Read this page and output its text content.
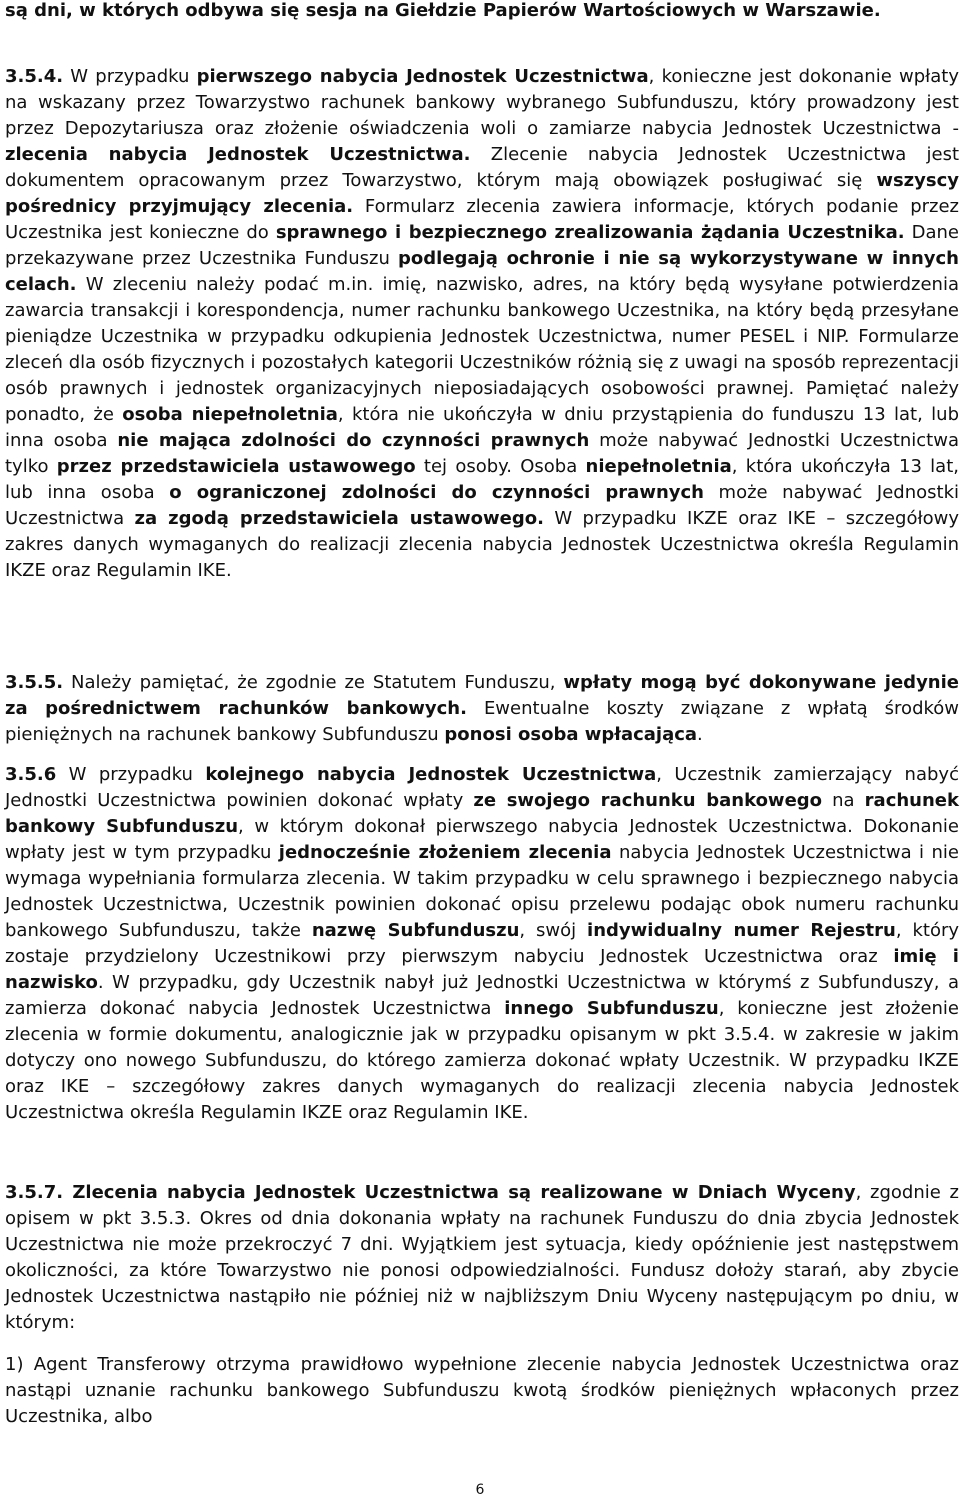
są dni, w których odbywa się sesja na Giełdzie Papierów Wartościowych w Warszawie.

3.5.4. W przypadku pierwszego nabycia Jednostek Uczestnictwa, konieczne jest dokonanie wpłaty na wskazany przez Towarzystwo rachunek bankowy wybranego Subfunduszu, który prowadzony jest przez Depozytariusza oraz złożenie oświadczenia woli o zamiarze nabycia Jednostek Uczestnictwa - zlecenia nabycia Jednostek Uczestnictwa. Zlecenie nabycia Jednostek Uczestnictwa jest dokumentem opracowanym przez Towarzystwo, którym mają obowiązek posługiwać się wszyscy pośrednicy przyjmujący zlecenia. Formularz zlecenia zawiera informacje, których podanie przez Uczestnika jest konieczne do sprawnego i bezpiecznego zrealizowania żądania Uczestnika. Dane przekazywane przez Uczestnika Funduszu podlegają ochronie i nie są wykorzystywane w innych celach. W zleceniu należy podać m.in. imię, nazwisko, adres, na który będą wysyłane potwierdzenia zawarcia transakcji i korespondencja, numer rachunku bankowego Uczestnika, na który będą przesyłane pieniądze Uczestnika w przypadku odkupienia Jednostek Uczestnictwa, numer PESEL i NIP. Formularze zleceń dla osób fizycznych i pozostałych kategorii Uczestników różnią się z uwagi na sposób reprezentacji osób prawnych i jednostek organizacyjnych nieposiadających osobowości prawnej. Pamiętać należy ponadto, że osoba niepełnoletnia, która nie ukończyła w dniu przystąpienia do funduszu 13 lat, lub inna osoba nie mająca zdolności do czynności prawnych może nabywać Jednostki Uczestnictwa tylko przez przedstawiciela ustawowego tej osoby. Osoba niepełnoletnia, która ukończyła 13 lat, lub inna osoba o ograniczonej zdolności do czynności prawnych może nabywać Jednostki Uczestnictwa za zgodą przedstawiciela ustawowego. W przypadku IKZE oraz IKE – szczegółowy zakres danych wymaganych do realizacji zlecenia nabycia Jednostek Uczestnictwa określa Regulamin IKZE oraz Regulamin IKE.

3.5.5. Należy pamiętać, że zgodnie ze Statutem Funduszu, wpłaty mogą być dokonywane jedynie za pośrednictwem rachunków bankowych. Ewentualne koszty związane z wpłatą środków pieniężnych na rachunek bankowy Subfunduszu ponosi osoba wpłacająca.

3.5.6 W przypadku kolejnego nabycia Jednostek Uczestnictwa, Uczestnik zamierzający nabyć Jednostki Uczestnictwa powinien dokonać wpłaty ze swojego rachunku bankowego na rachunek bankowy Subfunduszu, w którym dokonał pierwszego nabycia Jednostek Uczestnictwa. Dokonanie wpłaty jest w tym przypadku jednocześnie złożeniem zlecenia nabycia Jednostek Uczestnictwa i nie wymaga wypełniania formularza zlecenia. W takim przypadku w celu sprawnego i bezpiecznego nabycia Jednostek Uczestnictwa, Uczestnik powinien dokonać opisu przelewu podając obok numeru rachunku bankowego Subfunduszu, także nazwę Subfunduszu, swój indywidualny numer Rejestru, który zostaje przydzielony Uczestnikowi przy pierwszym nabyciu Jednostek Uczestnictwa oraz imię i nazwisko. W przypadku, gdy Uczestnik nabył już Jednostki Uczestnictwa w którymś z Subfunduszy, a zamierza dokonać nabycia Jednostek Uczestnictwa innego Subfunduszu, konieczne jest złożenie zlecenia w formie dokumentu, analogicznie jak w przypadku opisanym w pkt 3.5.4. w zakresie w jakim dotyczy ono nowego Subfunduszu, do którego zamierza dokonać wpłaty Uczestnik. W przypadku IKZE oraz IKE – szczegółowy zakres danych wymaganych do realizacji zlecenia nabycia Jednostek Uczestnictwa określa Regulamin IKZE oraz Regulamin IKE.

3.5.7. Zlecenia nabycia Jednostek Uczestnictwa są realizowane w Dniach Wyceny, zgodnie z opisem w pkt 3.5.3. Okres od dnia dokonania wpłaty na rachunek Funduszu do dnia zbycia Jednostek Uczestnictwa nie może przekroczyć 7 dni. Wyjątkiem jest sytuacja, kiedy opóźnienie jest następstwem okoliczności, za które Towarzystwo nie ponosi odpowiedzialności. Fundusz dołoży starań, aby zbycie Jednostek Uczestnictwa nastąpiło nie później niż w najbliższym Dniu Wyceny następującym po dniu, w którym:

1) Agent Transferowy otrzyma prawidłowo wypełnione zlecenie nabycia Jednostek Uczestnictwa oraz nastąpi uznanie rachunku bankowego Subfunduszu kwotą środków pieniężnych wpłaconych przez Uczestnika, albo

6
